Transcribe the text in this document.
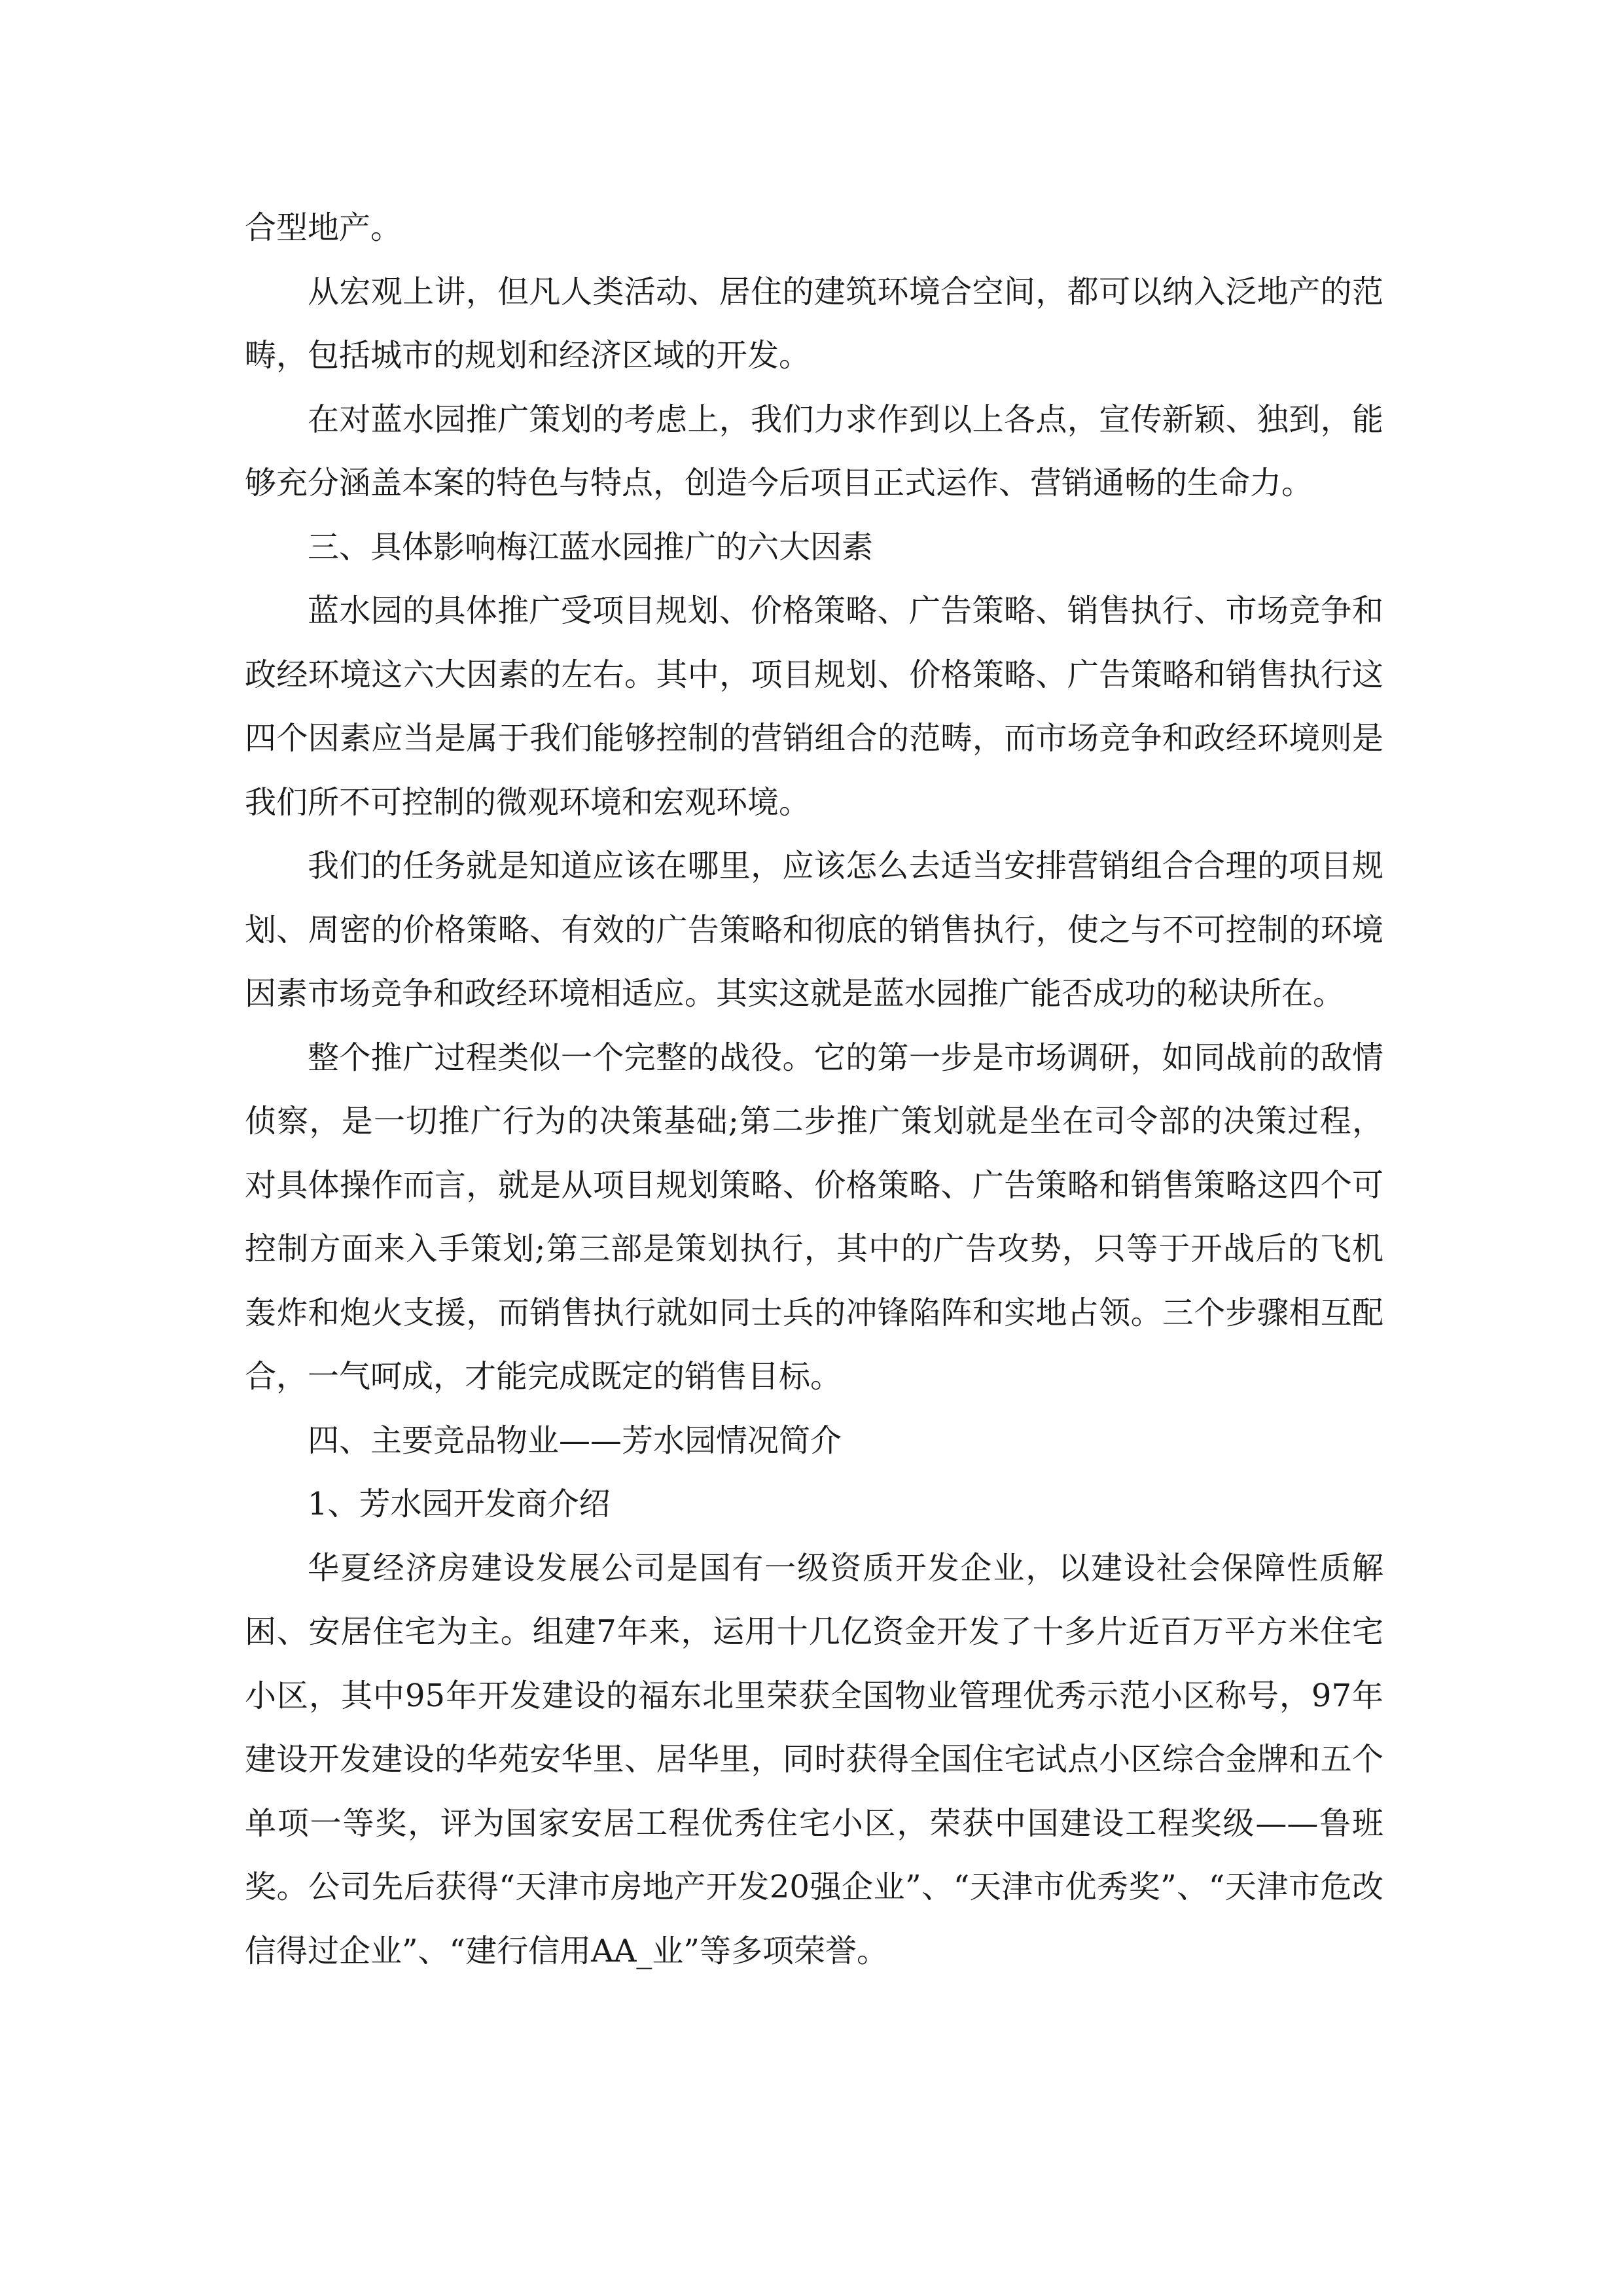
合型地产。

从宏观上讲，但凡人类活动、居住的建筑环境合空间，都可以纳入泛地产的范畴，包括城市的规划和经济区域的开发。

在对蓝水园推广策划的考虑上，我们力求作到以上各点，宣传新颖、独到，能够充分涵盖本案的特色与特点，创造今后项目正式运作、营销通畅的生命力。

三、具体影响梅江蓝水园推广的六大因素

蓝水园的具体推广受项目规划、价格策略、广告策略、销售执行、市场竞争和政经环境这六大因素的左右。其中，项目规划、价格策略、广告策略和销售执行这四个因素应当是属于我们能够控制的营销组合的范畴，而市场竞争和政经环境则是我们所不可控制的微观环境和宏观环境。

我们的任务就是知道应该在哪里，应该怎么去适当安排营销组合合理的项目规划、周密的价格策略、有效的广告策略和彻底的销售执行，使之与不可控制的环境因素市场竞争和政经环境相适应。其实这就是蓝水园推广能否成功的秘诀所在。

整个推广过程类似一个完整的战役。它的第一步是市场调研，如同战前的敌情侦察，是一切推广行为的决策基础;第二步推广策划就是坐在司令部的决策过程，对具体操作而言，就是从项目规划策略、价格策略、广告策略和销售策略这四个可控制方面来入手策划;第三部是策划执行，其中的广告攻势，只等于开战后的飞机轰炸和炮火支援，而销售执行就如同士兵的冲锋陷阵和实地占领。三个步骤相互配合，一气呵成，才能完成既定的销售目标。

四、主要竞品物业——芳水园情况简介

1、芳水园开发商介绍

华夏经济房建设发展公司是国有一级资质开发企业，以建设社会保障性质解困、安居住宅为主。组建7年来，运用十几亿资金开发了十多片近百万平方米住宅小区，其中95年开发建设的福东北里荣获全国物业管理优秀示范小区称号，97年建设开发建设的华苑安华里、居华里，同时获得全国住宅试点小区综合金牌和五个单项一等奖，评为国家安居工程优秀住宅小区，荣获中国建设工程奖级——鲁班奖。公司先后获得“天津市房地产开发20强企业”、“天津市优秀奖”、“天津市危改信得过企业”、“建行信用AA_业”等多项荣誉。
